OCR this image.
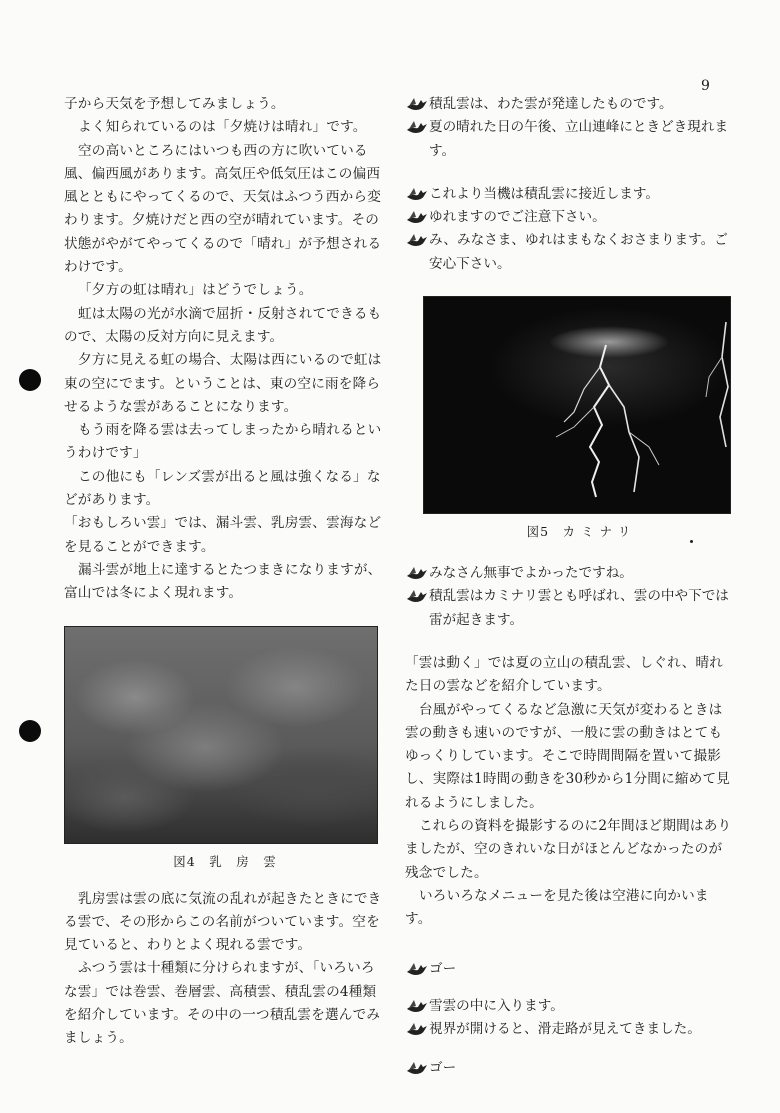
9

子から天気を予想してみましょう。

よく知られているのは「夕焼けは晴れ」です。

空の高いところにはいつも西の方に吹いている風、偏西風があります。高気圧や低気圧はこの偏西風とともにやってくるので、天気はふつう西から変わります。夕焼けだと西の空が晴れています。その状態がやがてやってくるので「晴れ」が予想されるわけです。

「夕方の虹は晴れ」はどうでしょう。

虹は太陽の光が水滴で屈折・反射されてできるもので、太陽の反対方向に見えます。

夕方に見える虹の場合、太陽は西にいるので虹は東の空にでます。ということは、東の空に雨を降らせるような雲があることになります。

もう雨を降る雲は去ってしまったから晴れるというわけです」

この他にも「レンズ雲が出ると風は強くなる」などがあります。

「おもしろい雲」では、漏斗雲、乳房雲、雲海などを見ることができます。

漏斗雲が地上に達するとたつまきになりますが、富山では冬によく現れます。

図4　乳　房　雲

乳房雲は雲の底に気流の乱れが起きたときにできる雲で、その形からこの名前がついています。空を見ていると、わりとよく現れる雲です。

ふつう雲は十種類に分けられますが、「いろいろな雲」では巻雲、巻層雲、高積雲、積乱雲の4種類を紹介しています。その中の一つ積乱雲を選んでみましょう。

積乱雲は、わた雲が発達したものです。
夏の晴れた日の午後、立山連峰にときどき現れます。
これより当機は積乱雲に接近します。
ゆれますのでご注意下さい。
み、みなさま、ゆれはまもなくおさまります。ご安心下さい。
図5　カ ミ ナ リ
みなさん無事でよかったですね。
積乱雲はカミナリ雲とも呼ばれ、雲の中や下では雷が起きます。

「雲は動く」では夏の立山の積乱雲、しぐれ、晴れた日の雲などを紹介しています。

台風がやってくるなど急激に天気が変わるときは雲の動きも速いのですが、一般に雲の動きはとてもゆっくりしています。そこで時間間隔を置いて撮影し、実際は1時間の動きを30秒から1分間に縮めて見れるようにしました。

これらの資料を撮影するのに2年間ほど期間はありましたが、空のきれいな日がほとんどなかったのが残念でした。

いろいろなメニューを見た後は空港に向かいます。

ゴー
雪雲の中に入ります。
視界が開けると、滑走路が見えてきました。
ゴー
